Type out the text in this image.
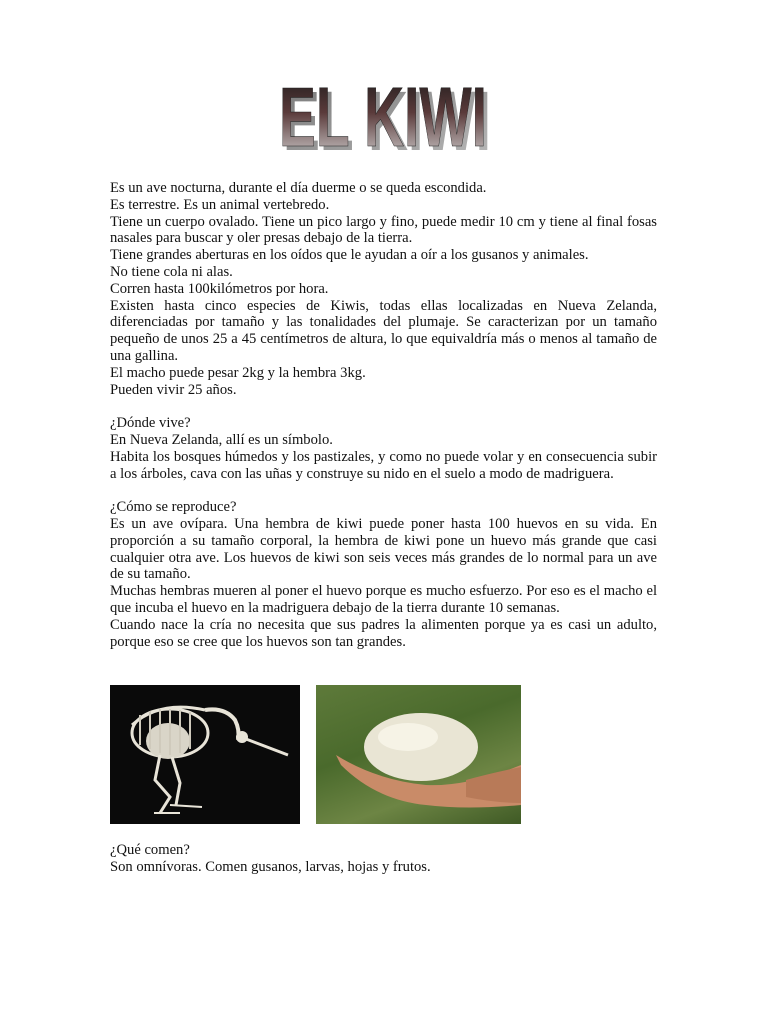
EL KIWI
EL KIWI

Es un ave nocturna, durante el día duerme o se queda escondida.

Es terrestre. Es un animal vertebredo.

Tiene un cuerpo ovalado. Tiene un pico largo y fino, puede medir 10 cm y tiene al final fosas nasales para buscar y oler presas debajo de la tierra.

Tiene grandes aberturas en los oídos que le ayudan a oír a los gusanos y animales.

No tiene cola ni alas.

Corren hasta 100kilómetros por hora.

Existen hasta cinco especies de Kiwis, todas ellas localizadas en Nueva Zelanda, diferenciadas por tamaño y las tonalidades del plumaje. Se caracterizan por un tamaño pequeño de unos 25 a 45 centímetros de altura, lo que equivaldría más o menos al tamaño de una gallina.

El macho puede pesar 2kg y la hembra 3kg.

Pueden vivir 25 años.

¿Dónde vive?

En Nueva Zelanda, allí es un símbolo.

Habita los bosques húmedos y los pastizales, y como no puede volar y en consecuencia subir a los árboles, cava con las uñas y construye su nido en el suelo a modo de madriguera.

¿Cómo se reproduce?

Es un ave ovípara. Una hembra de kiwi puede poner hasta 100 huevos en su vida. En proporción a su tamaño corporal, la hembra de kiwi pone un huevo más grande que casi cualquier otra ave. Los huevos de kiwi son seis veces más grandes de lo normal para un ave de su tamaño.

Muchas hembras mueren al poner el huevo porque es mucho esfuerzo. Por eso es el macho el que incuba el huevo en la madriguera debajo de la tierra durante 10 semanas.

Cuando nace la cría no necesita que sus padres la alimenten porque ya es casi un adulto, porque eso se cree que los huevos son tan grandes.

¿Qué comen?

Son omnívoras. Comen gusanos, larvas, hojas y frutos.
